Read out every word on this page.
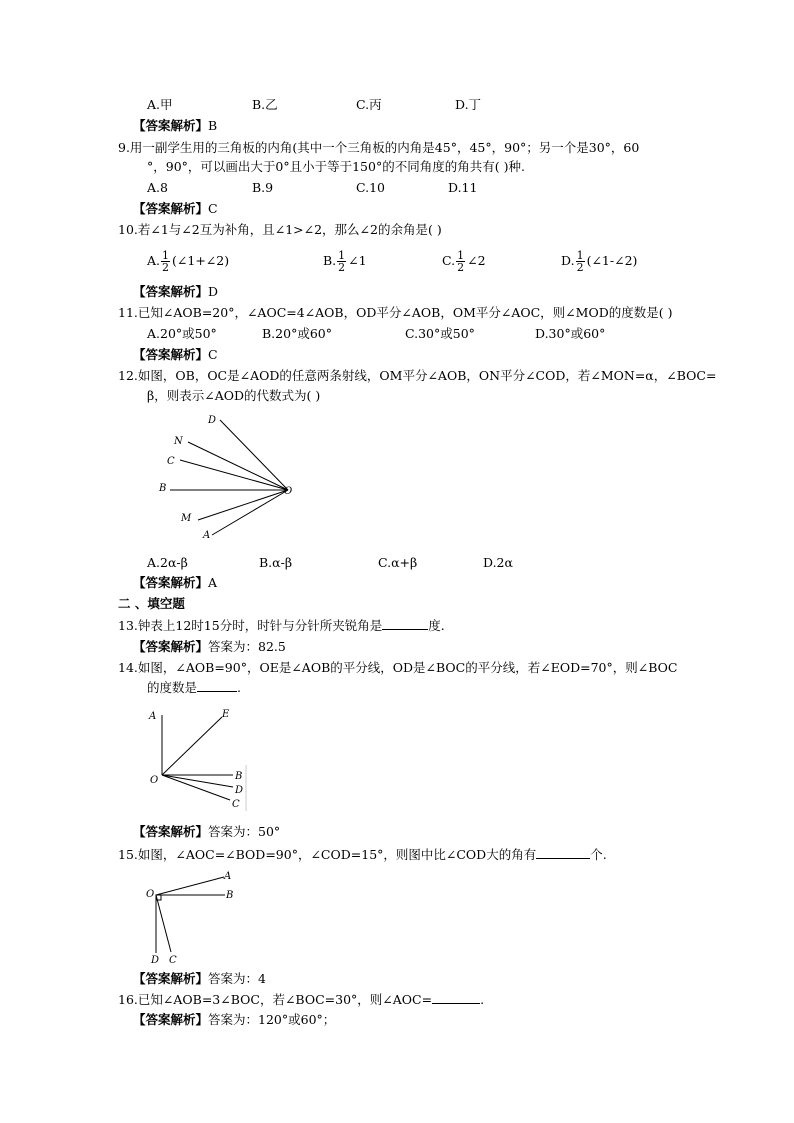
A.甲	B.乙	C.丙	D.丁
【答案解析】B
9.用一副学生用的三角板的内角(其中一个三角板的内角是45°，45°，90°；另一个是30°，60
°，90°，可以画出大于0°且小于等于150°的不同角度的角共有( )种.
A.8	B.9	C.10	D.11
【答案解析】C
10.若∠1与∠2互为补角，且∠1>∠2，那么∠2的余角是( )
A. $\frac{1}{2}$ (∠1+∠2)	B. $\frac{1}{2}$ ∠1	C. $\frac{1}{2}$ ∠2	D. $\frac{1}{2}$ (∠1-∠2)
【答案解析】D
11.已知∠AOB=20°，∠AOC=4∠AOB，OD平分∠AOB，OM平分∠AOC，则∠MOD的度数是( )
A.20°或50°	B.20°或60°	C.30°或50°	D.30°或60°
【答案解析】C
12.如图，OB，OC是∠AOD的任意两条射线，OM平分∠AOB，ON平分∠COD，若∠MON=α，∠BOC=
β，则表示∠AOD的代数式为( )
D
N
C
B
M
A
O
A.2α-β	B.α-β	C.α+β	D.2α
【答案解析】A
二 、填空题
13.钟表上12时15分时，时针与分针所夹锐角是	度.
【答案解析】答案为：82.5
14.如图，∠AOB=90°，OE是∠AOB的平分线，OD是∠BOC的平分线，若∠EOD=70°，则∠BOC
的度数是	.
A	E
O	B
D
C
【答案解析】答案为：50°
15.如图，∠AOC=∠BOD=90°，∠COD=15°，则图中比∠COD大的角有	个.
O
A
B
D C
【答案解析】答案为：4
16.已知∠AOB=3∠BOC，若∠BOC=30°，则∠AOC=	.
【答案解析】答案为：120°或60°；
